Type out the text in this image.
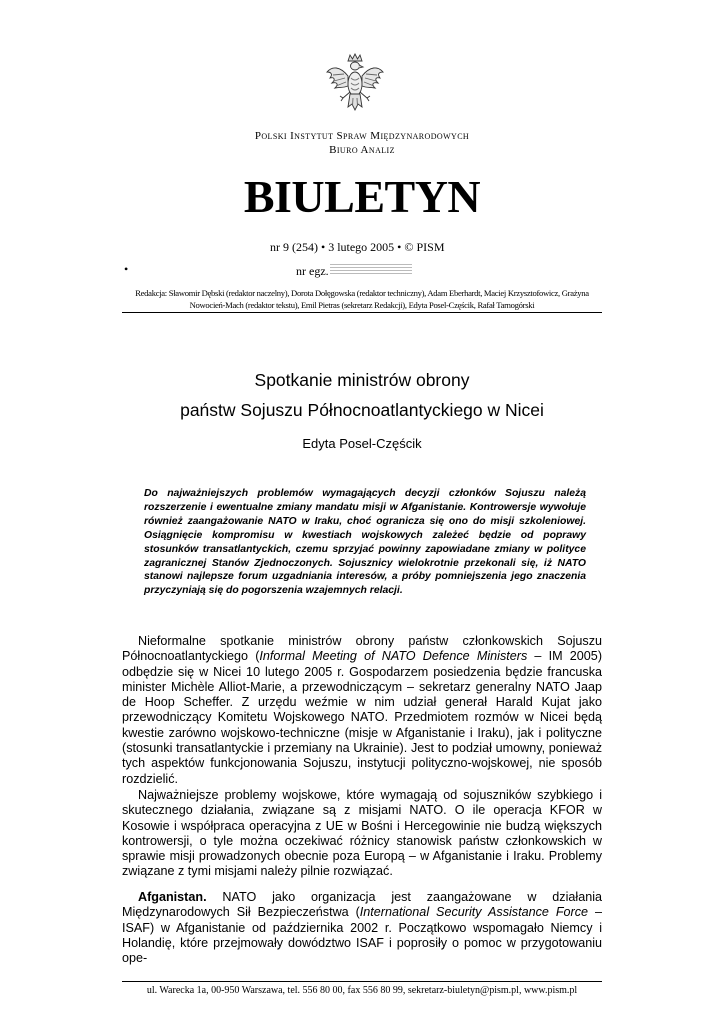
Polski Instytut Spraw Międzynarodowych
Biuro Analiz
BIULETYN
nr 9 (254) • 3 lutego 2005 • © PISM
•	nr egz.
Redakcja: Sławomir Dębski (redaktor naczelny), Dorota Dołęgowska (redaktor techniczny), Adam Eberhardt, Maciej Krzysztofowicz, Grażyna Nowocień-Mach (redaktor tekstu), Emil Pietras (sekretarz Redakcji), Edyta Posel-Częścik, Rafał Tarnogórski
Spotkanie ministrów obrony
państw Sojuszu Północnoatlantyckiego w Nicei
Edyta Posel-Częścik
Do najważniejszych problemów wymagających decyzji członków Sojuszu należą rozszerzenie i ewentualne zmiany mandatu misji w Afganistanie. Kontrowersje wywołuje również zaangażowanie NATO w Iraku, choć ogranicza się ono do misji szkoleniowej. Osiągnięcie kompromisu w kwestiach wojskowych zależeć będzie od poprawy stosunków transatlantyckich, czemu sprzyjać powinny zapowiadane zmiany w polityce zagranicznej Stanów Zjednoczonych. Sojusznicy wielokrotnie przekonali się, iż NATO stanowi najlepsze forum uzgadniania interesów, a próby pomniejszenia jego znaczenia przyczyniają się do pogorszenia wzajemnych relacji.
Nieformalne spotkanie ministrów obrony państw członkowskich Sojuszu Północnoatlantyckiego (Informal Meeting of NATO Defence Ministers – IM 2005) odbędzie się w Nicei 10 lutego 2005 r. Gospodarzem posiedzenia będzie francuska minister Michèle Alliot-Marie, a przewodniczącym – sekretarz generalny NATO Jaap de Hoop Scheffer. Z urzędu weźmie w nim udział generał Harald Kujat jako przewodniczący Komitetu Wojskowego NATO. Przedmiotem rozmów w Nicei będą kwestie zarówno wojskowo-techniczne (misje w Afganistanie i Iraku), jak i polityczne (stosunki transatlantyckie i przemiany na Ukrainie). Jest to podział umowny, ponieważ tych aspektów funkcjonowania Sojuszu, instytucji polityczno-wojskowej, nie sposób rozdzielić.
Najważniejsze problemy wojskowe, które wymagają od sojuszników szybkiego i skutecznego działania, związane są z misjami NATO. O ile operacja KFOR w Kosowie i współpraca operacyjna z UE w Bośni i Hercegowinie nie budzą większych kontrowersji, o tyle można oczekiwać różnicy stanowisk państw członkowskich w sprawie misji prowadzonych obecnie poza Europą – w Afganistanie i Iraku. Problemy związane z tymi misjami należy pilnie rozwiązać.
Afganistan. NATO jako organizacja jest zaangażowane w działania Międzynarodowych Sił Bezpieczeństwa (International Security Assistance Force – ISAF) w Afganistanie od października 2002 r. Początkowo wspomagało Niemcy i Holandię, które przejmowały dowództwo ISAF i poprosiły o pomoc w przygotowaniu ope-
ul. Warecka 1a, 00-950 Warszawa, tel. 556 80 00, fax 556 80 99, sekretarz-biuletyn@pism.pl, www.pism.pl
